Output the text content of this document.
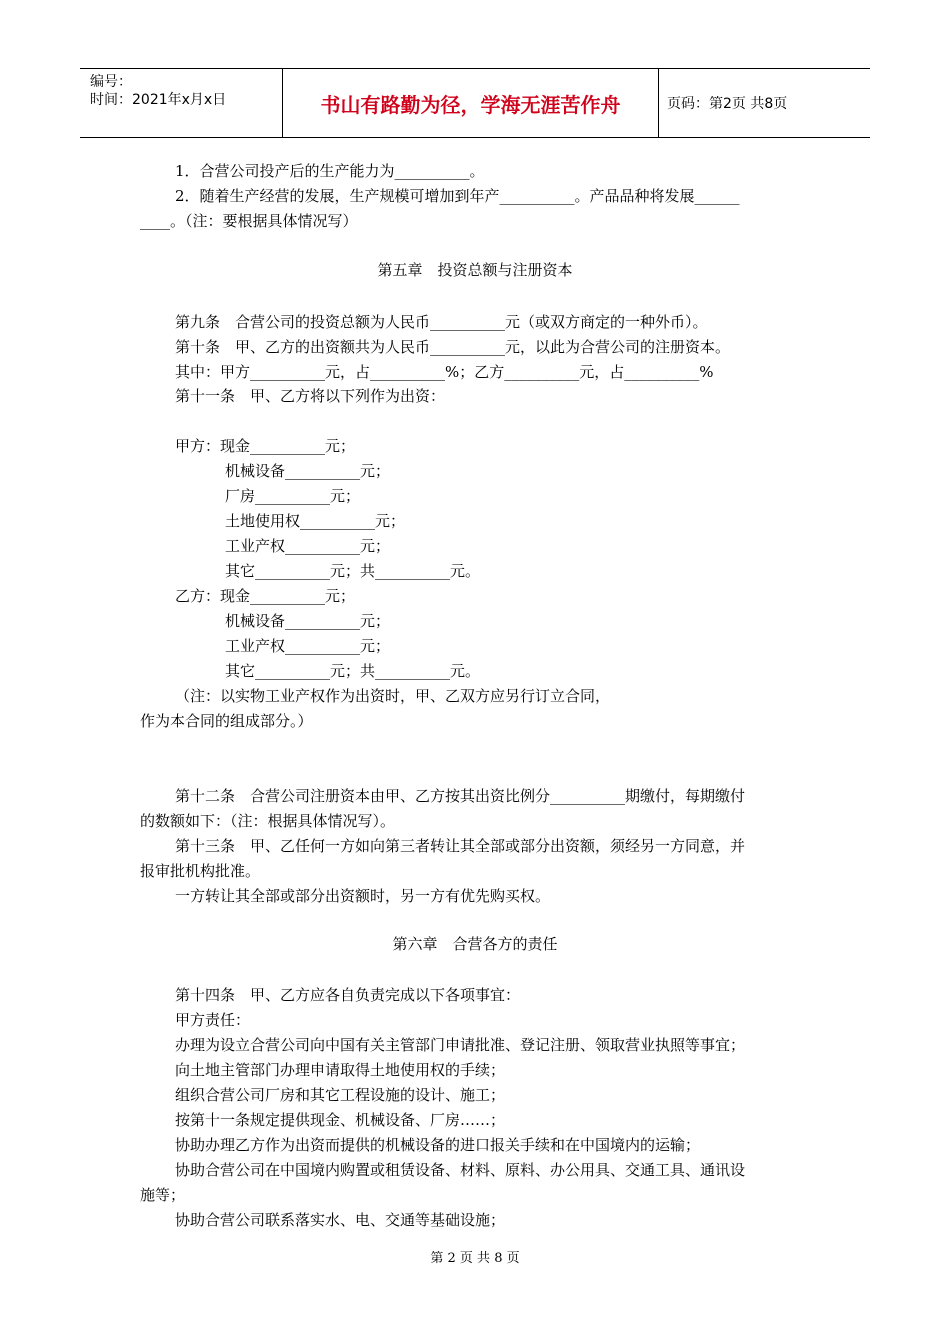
编号：
时间：2021年x月x日	书山有路勤为径，学海无涯苦作舟	页码：第2页 共8页
1．合营公司投产后的生产能力为__________。
2．随着生产经营的发展，生产规模可增加到年产__________。产品品种将发展______
____。（注：要根据具体情况写）
第五章　投资总额与注册资本
第九条　合营公司的投资总额为人民币__________元（或双方商定的一种外币）。
第十条　甲、乙方的出资额共为人民币__________元，以此为合营公司的注册资本。
其中：甲方__________元，占__________%；乙方__________元，占__________%
第十一条　甲、乙方将以下列作为出资：
甲方：现金__________元；
机械设备__________元；
厂房__________元；
土地使用权__________元；
工业产权__________元；
其它__________元；共__________元。
乙方：现金__________元；
机械设备__________元；
工业产权__________元；
其它__________元；共__________元。
（注：以实物工业产权作为出资时，甲、乙双方应另行订立合同，
作为本合同的组成部分。）
第十二条　合营公司注册资本由甲、乙方按其出资比例分__________期缴付，每期缴付
的数额如下：（注：根据具体情况写）。
第十三条　甲、乙任何一方如向第三者转让其全部或部分出资额，须经另一方同意，并
报审批机构批准。
一方转让其全部或部分出资额时，另一方有优先购买权。
第六章　合营各方的责任
第十四条　甲、乙方应各自负责完成以下各项事宜：
甲方责任：
办理为设立合营公司向中国有关主管部门申请批准、登记注册、领取营业执照等事宜；
向土地主管部门办理申请取得土地使用权的手续；
组织合营公司厂房和其它工程设施的设计、施工；
按第十一条规定提供现金、机械设备、厂房……；
协助办理乙方作为出资而提供的机械设备的进口报关手续和在中国境内的运输；
协助合营公司在中国境内购置或租赁设备、材料、原料、办公用具、交通工具、通讯设
施等；
协助合营公司联系落实水、电、交通等基础设施；
第 2 页 共 8 页
